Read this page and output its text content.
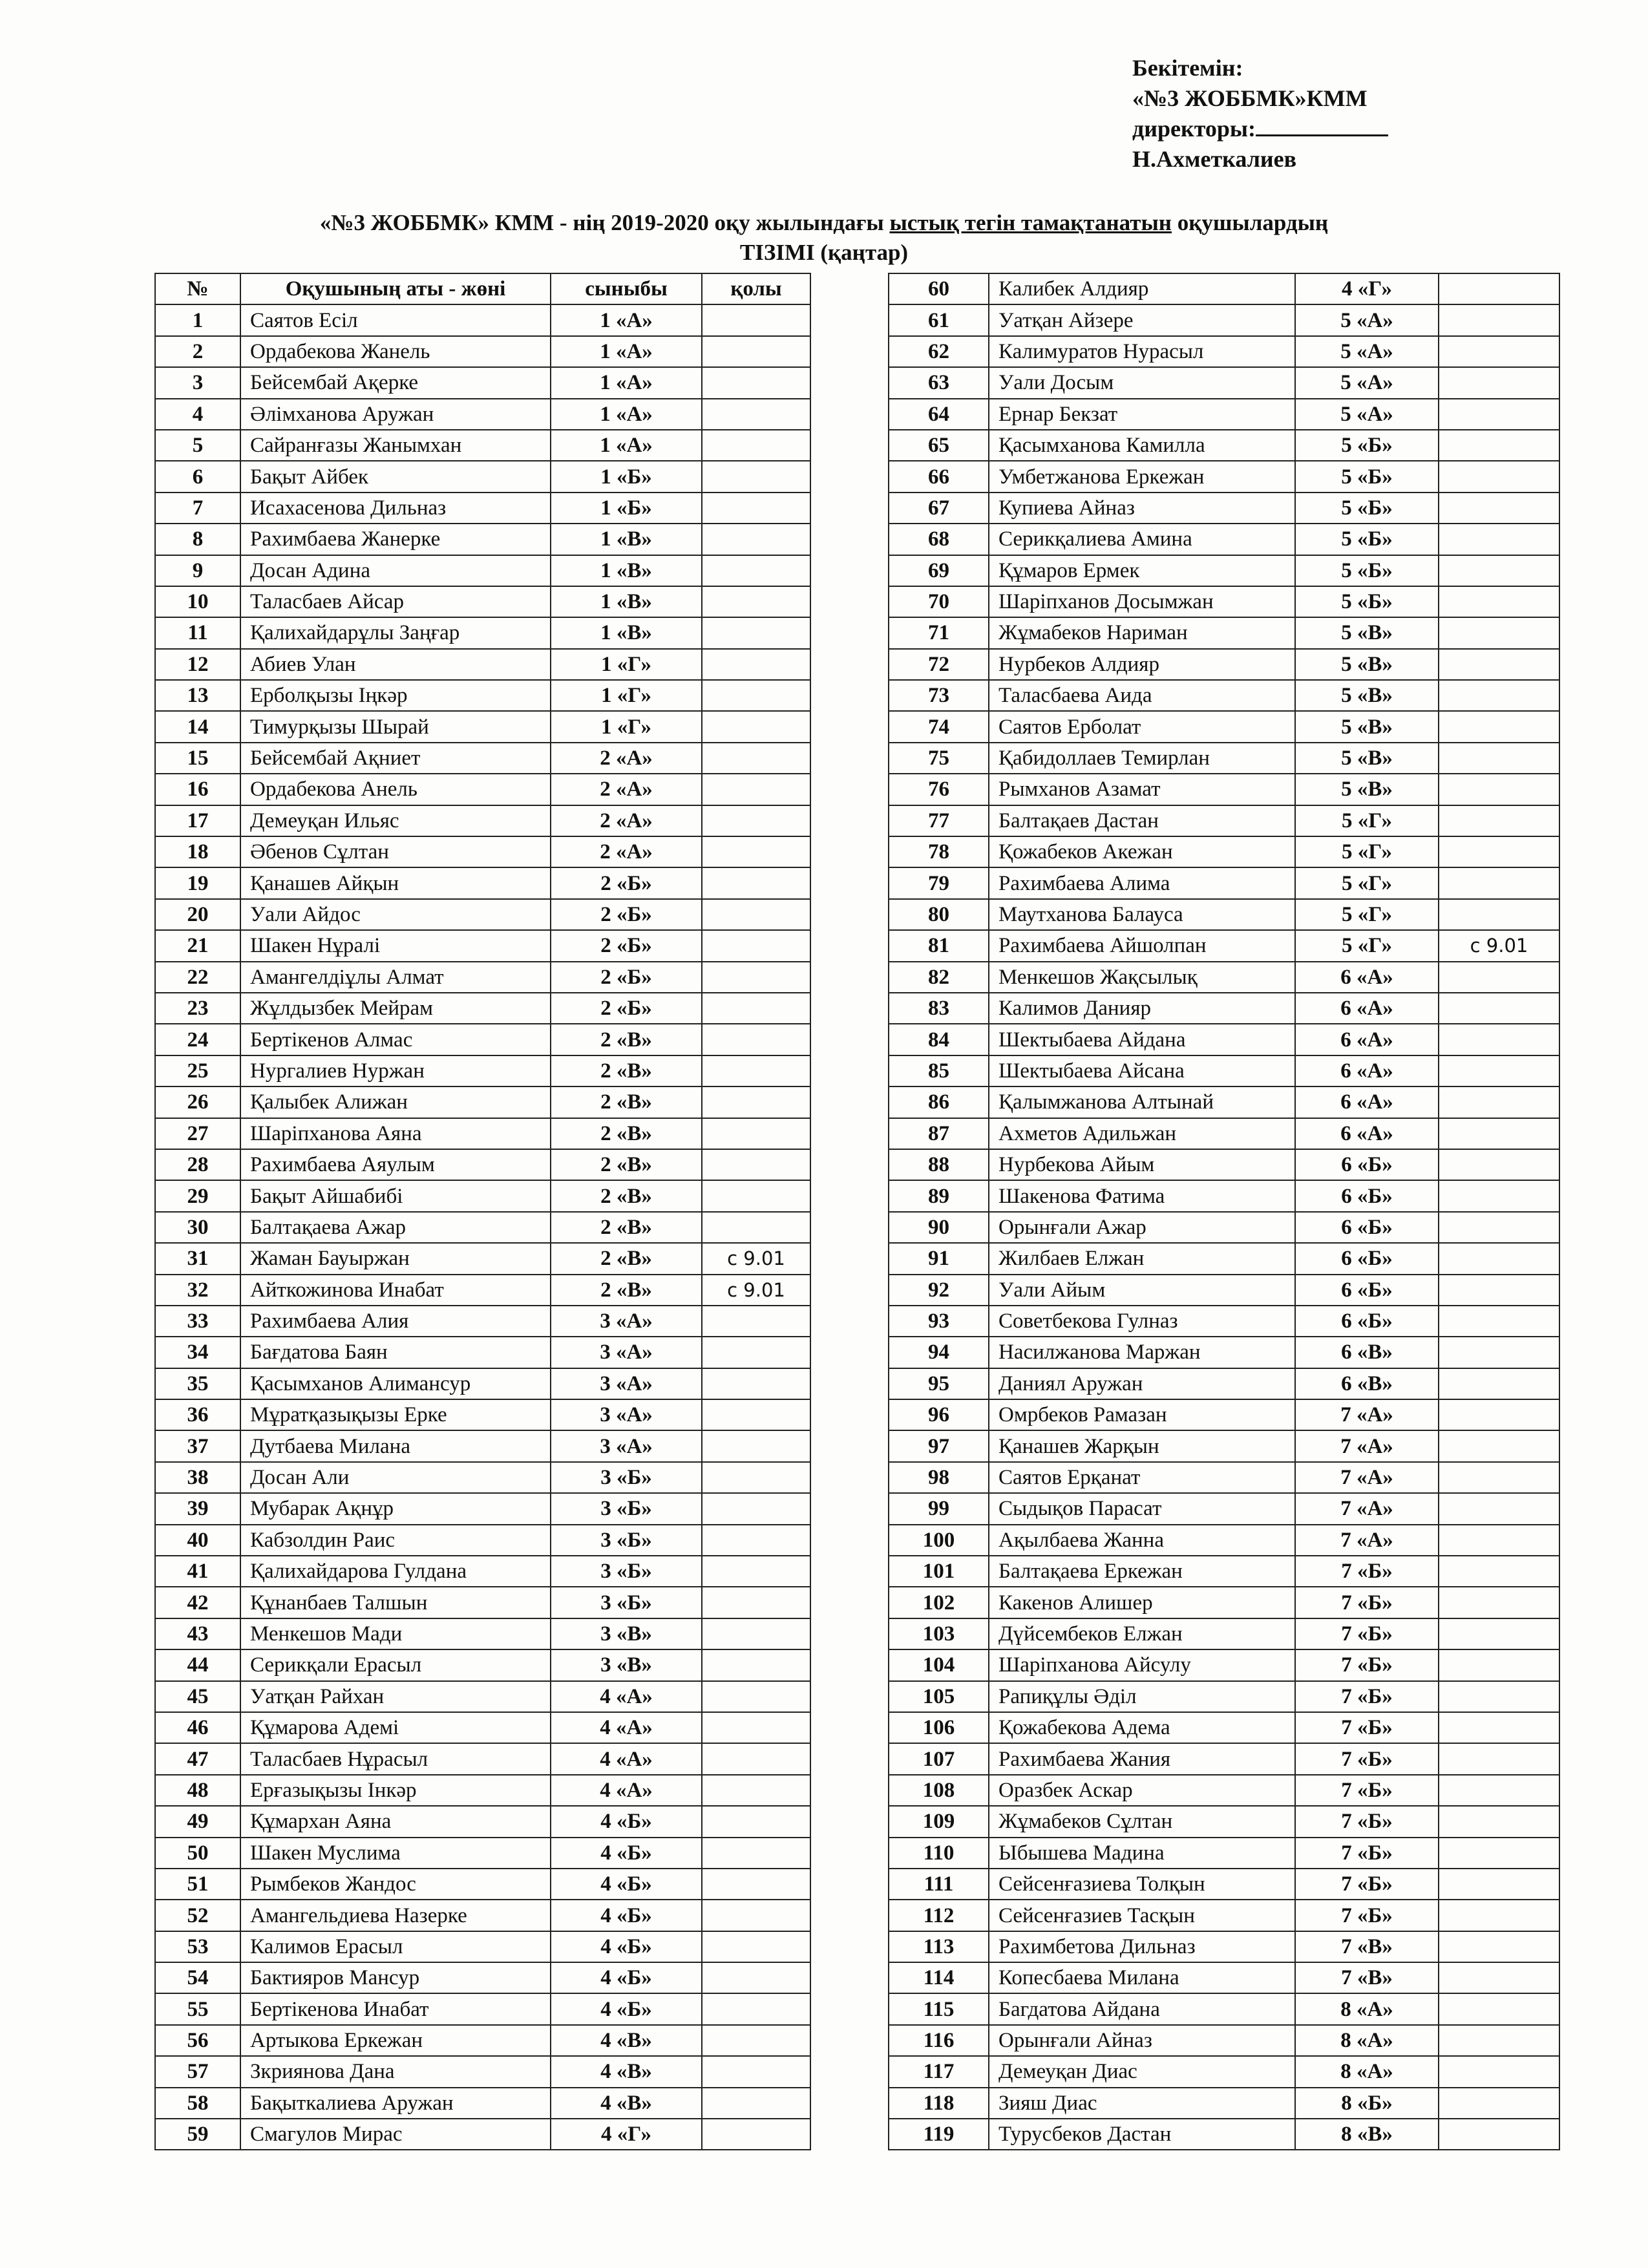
Бекітемін:
«№3 ЖОББМК»КММ
директоры:
Н.Ахметкалиев
«№3 ЖОББМК» КММ - нің 2019-2020 оқу жылындағы ыстық тегін тамақтанатын оқушылардың
ТІЗІМІ (қаңтар)
№	Оқушының аты - жөні	сыныбы	қолы
1	Саятов Есіл	1 «А»	
2	Ордабекова Жанель	1 «А»	
3	Бейсембай Ақерке	1 «А»	
4	Әлімханова Аружан	1 «А»	
5	Сайранғазы Жанымхан	1 «А»	
6	Бақыт Айбек	1 «Б»	
7	Исахасенова Дильназ	1 «Б»	
8	Рахимбаева Жанерке	1 «В»	
9	Досан Адина	1 «В»	
10	Таласбаев Айсар	1 «В»	
11	Қалихайдарұлы Заңғар	1 «В»	
12	Абиев Улан	1 «Г»	
13	Ерболқызы Іңкәр	1 «Г»	
14	Тимурқызы Шырай	1 «Г»	
15	Бейсембай Ақниет	2 «А»	
16	Ордабекова Анель	2 «А»	
17	Демеуқан Ильяс	2 «А»	
18	Әбенов Сұлтан	2 «А»	
19	Қанашев Айқын	2 «Б»	
20	Уали Айдос	2 «Б»	
21	Шакен Нұралі	2 «Б»	
22	Амангелдіұлы Алмат	2 «Б»	
23	Жұлдызбек Мейрам	2 «Б»	
24	Бертікенов Алмас	2 «В»	
25	Нургалиев Нуржан	2 «В»	
26	Қалыбек Алижан	2 «В»	
27	Шаріпханова Аяна	2 «В»	
28	Рахимбаева Аяулым	2 «В»	
29	Бақыт Айшабибі	2 «В»	
30	Балтақаева Ажар	2 «В»	
31	Жаман Бауыржан	2 «В»	с 9.01
32	Айткожинова Инабат	2 «В»	с 9.01
33	Рахимбаева Алия	3 «А»	
34	Бағдатова Баян	3 «А»	
35	Қасымханов Алимансур	3 «А»	
36	Мұратқазықызы Ерке	3 «А»	
37	Дутбаева Милана	3 «А»	
38	Досан Али	3 «Б»	
39	Мубарак Ақнұр	3 «Б»	
40	Кабзолдин Раис	3 «Б»	
41	Қалихайдарова Гулдана	3 «Б»	
42	Құнанбаев Талшын	3 «Б»	
43	Менкешов Мади	3 «В»	
44	Серикқали Ерасыл	3 «В»	
45	Уатқан Райхан	4 «А»	
46	Құмарова Адемі	4 «А»	
47	Таласбаев Нұрасыл	4 «А»	
48	Ерғазықызы Інкәр	4 «А»	
49	Құмархан Аяна	4 «Б»	
50	Шакен Муслима	4 «Б»	
51	Рымбеков Жандос	4 «Б»	
52	Амангельдиева Назерке	4 «Б»	
53	Калимов Ерасыл	4 «Б»	
54	Бактияров Мансур	4 «Б»	
55	Бертікенова Инабат	4 «Б»	
56	Артыкова Еркежан	4 «В»	
57	Зкриянова Дана	4 «В»	
58	Бақыткалиева Аружан	4 «В»	
59	Смагулов Мирас	4 «Г»	
60	Калибек Алдияр	4 «Г»	
61	Уатқан Айзере	5 «А»	
62	Калимуратов Нурасыл	5 «А»	
63	Уали Досым	5 «А»	
64	Ернар Бекзат	5 «А»	
65	Қасымханова Камилла	5 «Б»	
66	Умбетжанова Еркежан	5 «Б»	
67	Купиева Айназ	5 «Б»	
68	Серикқалиева Амина	5 «Б»	
69	Құмаров Ермек	5 «Б»	
70	Шаріпханов Досымжан	5 «Б»	
71	Жұмабеков Нариман	5 «В»	
72	Нурбеков Алдияр	5 «В»	
73	Таласбаева Аида	5 «В»	
74	Саятов Ерболат	5 «В»	
75	Қабидоллаев Темирлан	5 «В»	
76	Рымханов Азамат	5 «В»	
77	Балтақаев Дастан	5 «Г»	
78	Қожабеков Акежан	5 «Г»	
79	Рахимбаева Алима	5 «Г»	
80	Маутханова Балауса	5 «Г»	
81	Рахимбаева Айшолпан	5 «Г»	с 9.01
82	Менкешов Жақсылық	6 «А»	
83	Калимов Данияр	6 «А»	
84	Шектыбаева Айдана	6 «А»	
85	Шектыбаева Айсана	6 «А»	
86	Қалымжанова Алтынай	6 «А»	
87	Ахметов Адильжан	6 «А»	
88	Нурбекова Айым	6 «Б»	
89	Шакенова Фатима	6 «Б»	
90	Орынғали Ажар	6 «Б»	
91	Жилбаев Елжан	6 «Б»	
92	Уали Айым	6 «Б»	
93	Советбекова Гулназ	6 «Б»	
94	Насилжанова Маржан	6 «В»	
95	Даниял Аружан	6 «В»	
96	Омрбеков Рамазан	7 «А»	
97	Қанашев Жарқын	7 «А»	
98	Саятов Ерқанат	7 «А»	
99	Сыдықов Парасат	7 «А»	
100	Ақылбаева Жанна	7 «А»	
101	Балтақаева Еркежан	7 «Б»	
102	Какенов Алишер	7 «Б»	
103	Дүйсембеков Елжан	7 «Б»	
104	Шаріпханова Айсулу	7 «Б»	
105	Рапиқұлы Әділ	7 «Б»	
106	Қожабекова Адема	7 «Б»	
107	Рахимбаева Жания	7 «Б»	
108	Оразбек Аскар	7 «Б»	
109	Жұмабеков Сұлтан	7 «Б»	
110	Ыбышева Мадина	7 «Б»	
111	Сейсенғазиева Толқын	7 «Б»	
112	Сейсенғазиев Тасқын	7 «Б»	
113	Рахимбетова Дильназ	7 «В»	
114	Копесбаева Милана	7 «В»	
115	Багдатова Айдана	8 «А»	
116	Орынғали Айназ	8 «А»	
117	Демеуқан Диас	8 «А»	
118	Зияш Диас	8 «Б»	
119	Турусбеков Дастан	8 «В»	
